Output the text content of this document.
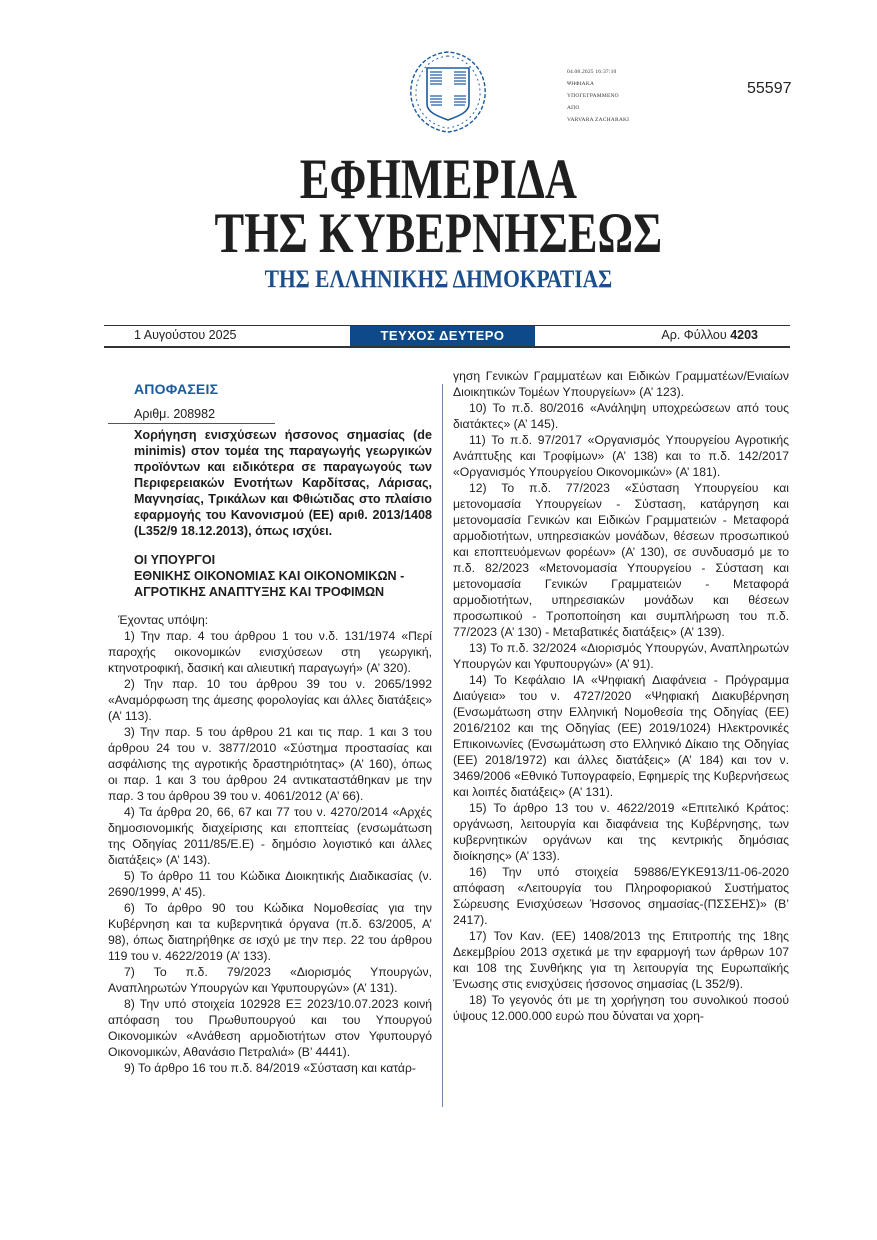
04.08.2025 16:37:10
ΨΗΦΙΑΚΑ
ΥΠΟΓΕΓΡΑΜΜΕΝΟ
ΑΠΟ
VARVARA ZACHARAKI
55597
ΕΦΗΜΕΡΙΔΑ
ΤΗΣ ΚΥΒΕΡΝΗΣΕΩΣ
ΤΗΣ ΕΛΛΗΝΙΚΗΣ ΔΗΜΟΚΡΑΤΙΑΣ
1 Αυγούστου 2025	ΤΕΥΧΟΣ ΔΕΥΤΕΡΟ	Αρ. Φύλλου 4203
ΑΠΟΦΑΣΕΙΣ
Αριθμ. 208982
Χορήγηση ενισχύσεων ήσσονος σημασίας (de minimis) στον τομέα της παραγωγής γεωργικών προϊόντων και ειδικότερα σε παραγωγούς των Περιφερειακών Ενοτήτων Καρδίτσας, Λάρισας, Μαγνησίας, Τρικάλων και Φθιώτιδας στο πλαίσιο εφαρμογής του Κανονισμού (ΕΕ) αριθ. 2013/1408 (L352/9 18.12.2013), όπως ισχύει.
ΟΙ ΥΠΟΥΡΓΟΙ
ΕΘΝΙΚΗΣ ΟΙΚΟΝΟΜΙΑΣ ΚΑΙ ΟΙΚΟΝΟΜΙΚΩΝ - ΑΓΡΟΤΙΚΗΣ ΑΝΑΠΤΥΞΗΣ ΚΑΙ ΤΡΟΦΙΜΩΝ
Έχοντας υπόψη:

1) Την παρ. 4 του άρθρου 1 του ν.δ. 131/1974 «Περί παροχής οικονομικών ενισχύσεων στη γεωργική, κτηνοτροφική, δασική και αλιευτική παραγωγή» (Α’ 320).

2) Την παρ. 10 του άρθρου 39 του ν. 2065/1992 «Αναμόρφωση της άμεσης φορολογίας και άλλες διατάξεις» (Α’ 113).

3) Την παρ. 5 του άρθρου 21 και τις παρ. 1 και 3 του άρθρου 24 του ν. 3877/2010 «Σύστημα προστασίας και ασφάλισης της αγροτικής δραστηριότητας» (Α’ 160), όπως οι παρ. 1 και 3 του άρθρου 24 αντικαταστάθηκαν με την παρ. 3 του άρθρου 39 του ν. 4061/2012 (Α’ 66).

4) Τα άρθρα 20, 66, 67 και 77 του ν. 4270/2014 «Αρχές δημοσιονομικής διαχείρισης και εποπτείας (ενσωμάτωση της Οδηγίας 2011/85/Ε.Ε) - δημόσιο λογιστικό και άλλες διατάξεις» (Α’ 143).

5) Το άρθρο 11 του Κώδικα Διοικητικής Διαδικασίας (ν. 2690/1999, Α’ 45).

6) Το άρθρο 90 του Κώδικα Νομοθεσίας για την Κυβέρνηση και τα κυβερνητικά όργανα (π.δ. 63/2005, Α’ 98), όπως διατηρήθηκε σε ισχύ με την περ. 22 του άρθρου 119 του ν. 4622/2019 (Α’ 133).

7) Το π.δ. 79/2023 «Διορισμός Υπουργών, Αναπληρωτών Υπουργών και Υφυπουργών» (Α’ 131).

8) Την υπό στοιχεία 102928 ΕΞ 2023/10.07.2023 κοινή απόφαση του Πρωθυπουργού και του Υπουργού Οικονομικών «Ανάθεση αρμοδιοτήτων στον Υφυπουργό Οικονομικών, Αθανάσιο Πετραλιά» (Β’ 4441).

9) Το άρθρο 16 του π.δ. 84/2019 «Σύσταση και κατάρ-

γηση Γενικών Γραμματέων και Ειδικών Γραμματέων/Ενιαίων Διοικητικών Τομέων Υπουργείων» (Α’ 123).

10) Το π.δ. 80/2016 «Ανάληψη υποχρεώσεων από τους διατάκτες» (Α’ 145).

11) Το π.δ. 97/2017 «Οργανισμός Υπουργείου Αγροτικής Ανάπτυξης και Τροφίμων» (Α’ 138) και το π.δ. 142/2017 «Οργανισμός Υπουργείου Οικονομικών» (Α’ 181).

12) Το π.δ. 77/2023 «Σύσταση Υπουργείου και μετονομασία Υπουργείων - Σύσταση, κατάργηση και μετονομασία Γενικών και Ειδικών Γραμματειών - Μεταφορά αρμοδιοτήτων, υπηρεσιακών μονάδων, θέσεων προσωπικού και εποπτευόμενων φορέων» (Α’ 130), σε συνδυασμό με το π.δ. 82/2023 «Μετονομασία Υπουργείου - Σύσταση και μετονομασία Γενικών Γραμματειών - Μεταφορά αρμοδιοτήτων, υπηρεσιακών μονάδων και θέσεων προσωπικού - Τροποποίηση και συμπλήρωση του π.δ. 77/2023 (Α’ 130) - Μεταβατικές διατάξεις» (Α’ 139).

13) Το π.δ. 32/2024 «Διορισμός Υπουργών, Αναπληρωτών Υπουργών και Υφυπουργών» (Α’ 91).

14) Το Κεφάλαιο ΙΑ «Ψηφιακή Διαφάνεια - Πρόγραμμα Διαύγεια» του ν. 4727/2020 «Ψηφιακή Διακυβέρνηση (Ενσωμάτωση στην Ελληνική Νομοθεσία της Οδηγίας (ΕΕ) 2016/2102 και της Οδηγίας (ΕΕ) 2019/1024) Ηλεκτρονικές Επικοινωνίες (Ενσωμάτωση στο Ελληνικό Δίκαιο της Οδηγίας (ΕΕ) 2018/1972) και άλλες διατάξεις» (Α’ 184) και τον ν. 3469/2006 «Εθνικό Τυπογραφείο, Εφημερίς της Κυβερνήσεως και λοιπές διατάξεις» (Α’ 131).

15) Το άρθρο 13 του ν. 4622/2019 «Επιτελικό Κράτος: οργάνωση, λειτουργία και διαφάνεια της Κυβέρνησης, των κυβερνητικών οργάνων και της κεντρικής δημόσιας διοίκησης» (Α’ 133).

16) Την υπό στοιχεία 59886/ΕΥΚΕ913/11-06-2020 απόφαση «Λειτουργία του Πληροφοριακού Συστήματος Σώρευσης Ενισχύσεων Ήσσονος σημασίας-(ΠΣΣΕΗΣ)» (Β’ 2417).

17) Τον Καν. (ΕΕ) 1408/2013 της Επιτροπής της 18ης Δεκεμβρίου 2013 σχετικά με την εφαρμογή των άρθρων 107 και 108 της Συνθήκης για τη λειτουργία της Ευρωπαϊκής Ένωσης στις ενισχύσεις ήσσονος σημασίας (L 352/9).

18) Το γεγονός ότι με τη χορήγηση του συνολικού ποσού ύψους 12.000.000 ευρώ που δύναται να χορη-
